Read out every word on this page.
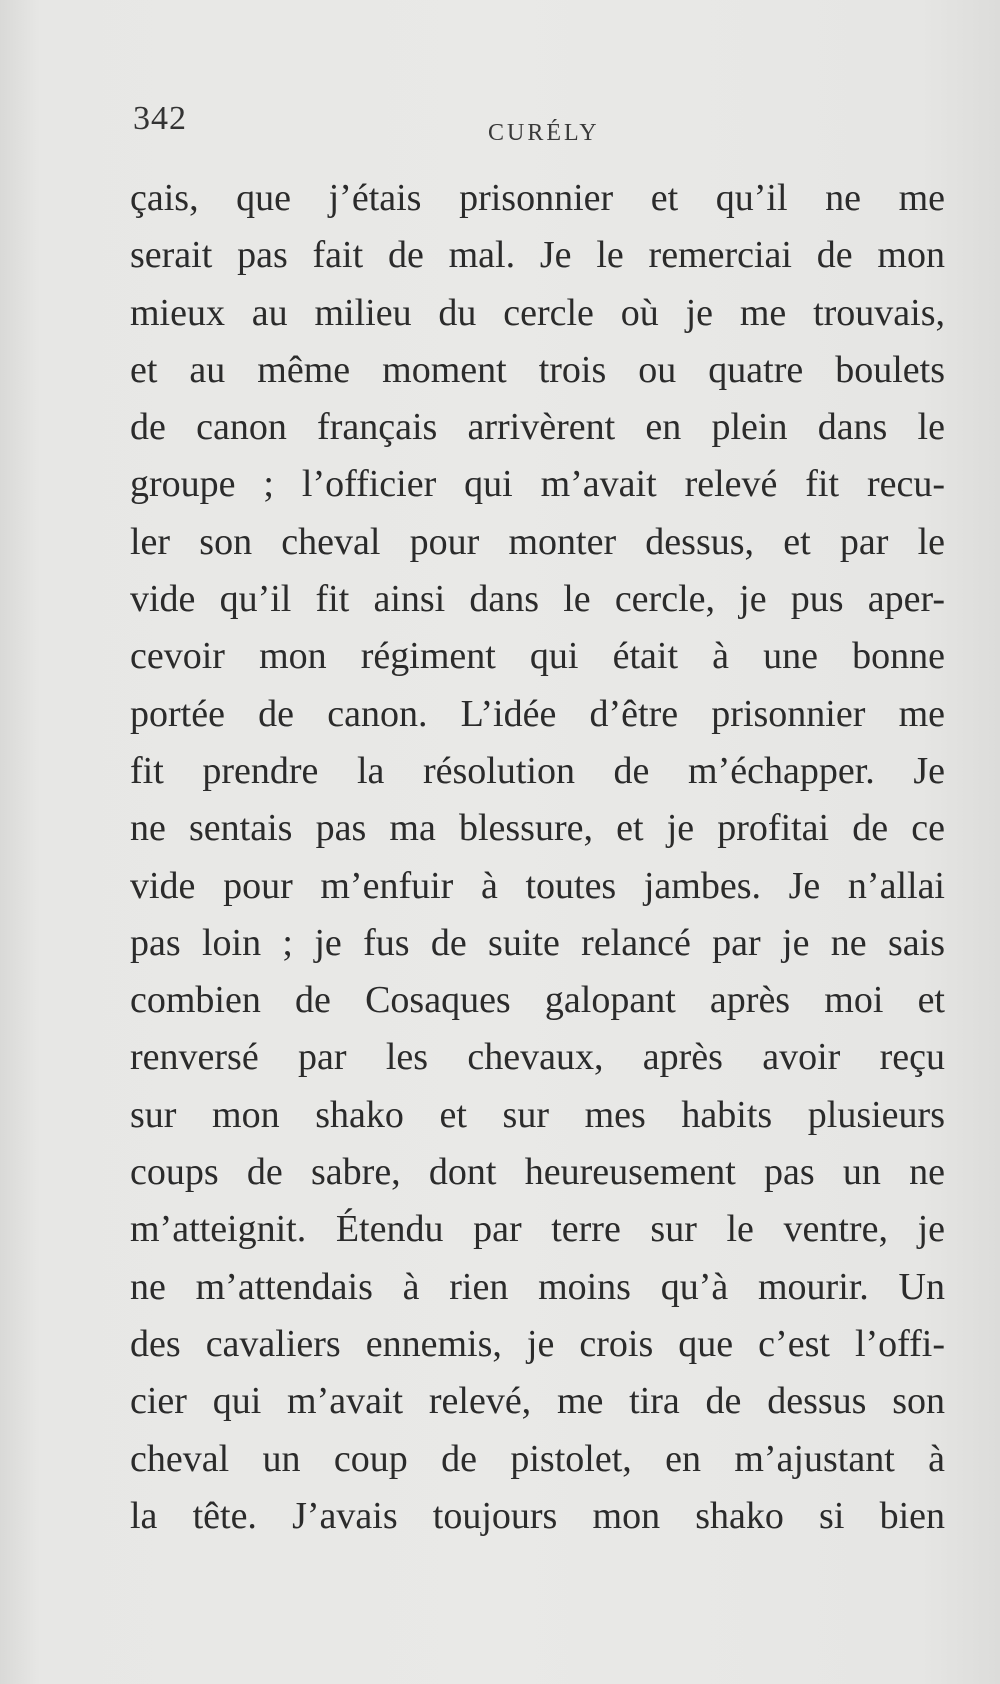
342	CURÉLY
çais, que j’étais prisonnier et qu’il ne me
serait pas fait de mal. Je le remerciai de mon
mieux au milieu du cercle où je me trouvais,
et au même moment trois ou quatre boulets
de canon français arrivèrent en plein dans le
groupe ; l’officier qui m’avait relevé fit recu-
ler son cheval pour monter dessus, et par le
vide qu’il fit ainsi dans le cercle, je pus aper-
cevoir mon régiment qui était à une bonne
portée de canon. L’idée d’être prisonnier me
fit prendre la résolution de m’échapper. Je
ne sentais pas ma blessure, et je profitai de ce
vide pour m’enfuir à toutes jambes. Je n’allai
pas loin ; je fus de suite relancé par je ne sais
combien de Cosaques galopant après moi et
renversé par les chevaux, après avoir reçu
sur mon shako et sur mes habits plusieurs
coups de sabre, dont heureusement pas un ne
m’atteignit. Étendu par terre sur le ventre, je
ne m’attendais à rien moins qu’à mourir. Un
des cavaliers ennemis, je crois que c’est l’offi-
cier qui m’avait relevé, me tira de dessus son
cheval un coup de pistolet, en m’ajustant à
la tête. J’avais toujours mon shako si bien
